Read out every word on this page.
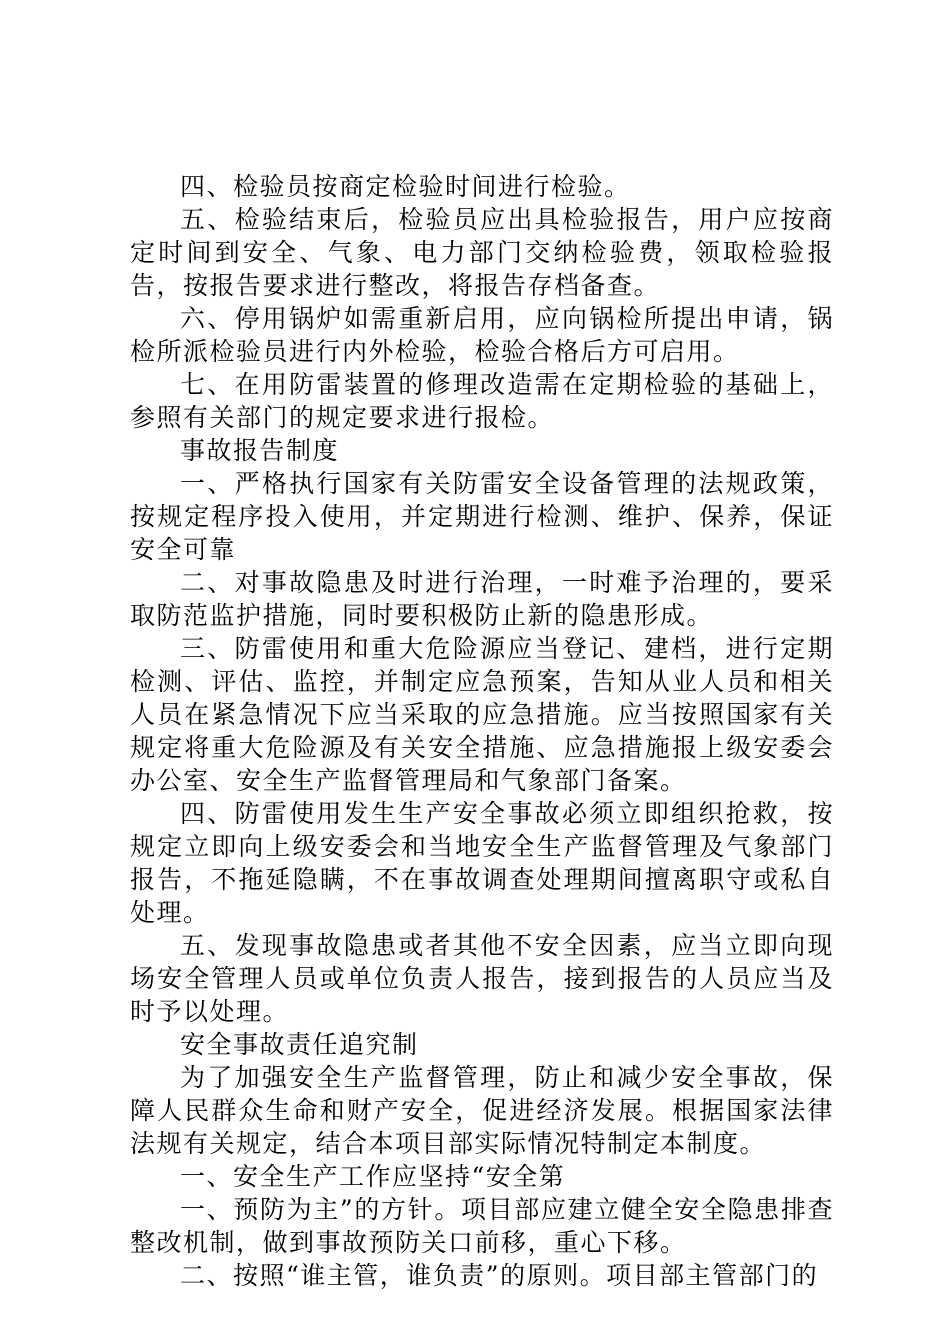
四、检验员按商定检验时间进行检验。

五、检验结束后，检验员应出具检验报告，用户应按商定时间到安全、气象、电力部门交纳检验费，领取检验报告，按报告要求进行整改，将报告存档备查。

六、停用锅炉如需重新启用，应向锅检所提出申请，锅检所派检验员进行内外检验，检验合格后方可启用。

七、在用防雷装置的修理改造需在定期检验的基础上，参照有关部门的规定要求进行报检。

事故报告制度

一、严格执行国家有关防雷安全设备管理的法规政策，按规定程序投入使用，并定期进行检测、维护、保养，保证安全可靠

二、对事故隐患及时进行治理，一时难予治理的，要采取防范监护措施，同时要积极防止新的隐患形成。

三、防雷使用和重大危险源应当登记、建档，进行定期检测、评估、监控，并制定应急预案，告知从业人员和相关人员在紧急情况下应当采取的应急措施。应当按照国家有关规定将重大危险源及有关安全措施、应急措施报上级安委会办公室、安全生产监督管理局和气象部门备案。

四、防雷使用发生生产安全事故必须立即组织抢救，按规定立即向上级安委会和当地安全生产监督管理及气象部门报告，不拖延隐瞒，不在事故调查处理期间擅离职守或私自处理。

五、发现事故隐患或者其他不安全因素，应当立即向现场安全管理人员或单位负责人报告，接到报告的人员应当及时予以处理。

安全事故责任追究制

为了加强安全生产监督管理，防止和减少安全事故，保障人民群众生命和财产安全，促进经济发展。根据国家法律法规有关规定，结合本项目部实际情况特制定本制度。

一、安全生产工作应坚持“安全第

一、预防为主”的方针。项目部应建立健全安全隐患排查整改机制，做到事故预防关口前移，重心下移。

二、按照“谁主管，谁负责”的原则。项目部主管部门的
